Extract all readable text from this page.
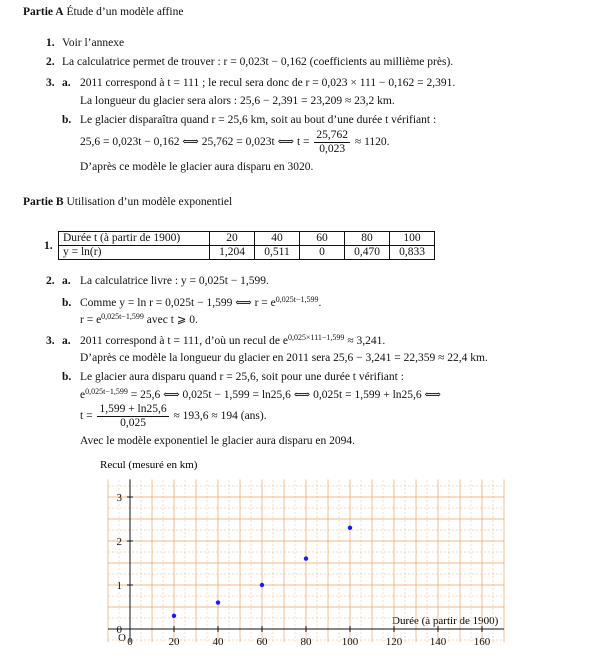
Partie A Étude d’un modèle affine
1. Voir l’annexe
2. La calculatrice permet de trouver : r = 0,023t − 0,162 (coefficients au millième près).
3. a. 2011 correspond à t = 111 ; le recul sera donc de r = 0,023 × 111 − 0,162 = 2,391.
La longueur du glacier sera alors : 25,6 − 2,391 = 23,209 ≈ 23,2 km.
b. Le glacier disparaîtra quand r = 25,6 km, soit au bout d’une durée t vérifiant :
25,6 = 0,023t − 0,162 ⟺ 25,762 = 0,023t ⟺ $t = \frac{25,762}{0,023} \approx 1120$.
D’après ce modèle le glacier aura disparu en 3020.
Partie B Utilisation d’un modèle exponentiel
1.
Durée t (à partir de 1900)	20	40	60	80	100
y = ln(r)	1,204	0,511	0	0,470	0,833
2. a. La calculatrice livre : y = 0,025t − 1,599.
b. Comme y = ln r = 0,025t − 1,599 ⟺ $r = e^{0,025t-1,599}$.
$r = e^{0,025t-1,599}$ avec t ⩾ 0.
3. a. 2011 correspond à t = 111, d’où un recul de $e^{0,025\times 111-1,599} \approx 3,241$.
D’après ce modèle la longueur du glacier en 2011 sera 25,6 − 3,241 = 22,359 ≈ 22,4 km.
b. Le glacier aura disparu quand r = 25,6, soit pour une durée t vérifiant :
$e^{0,025t-1,599} = 25,6$ ⟺ 0,025t − 1,599 = ln25,6 ⟺ 0,025t = 1,599 + ln25,6 ⟺
$t = \frac{1,599 + \ln 25,6}{0,025} \approx 193,6 \approx 194$ (ans).
Avec le modèle exponentiel le glacier aura disparu en 2094.
Recul (mesuré en km)
Durée (à partir de 1900)
O 0	20	40	60	80	100	120	140	160
0
1
2
3
